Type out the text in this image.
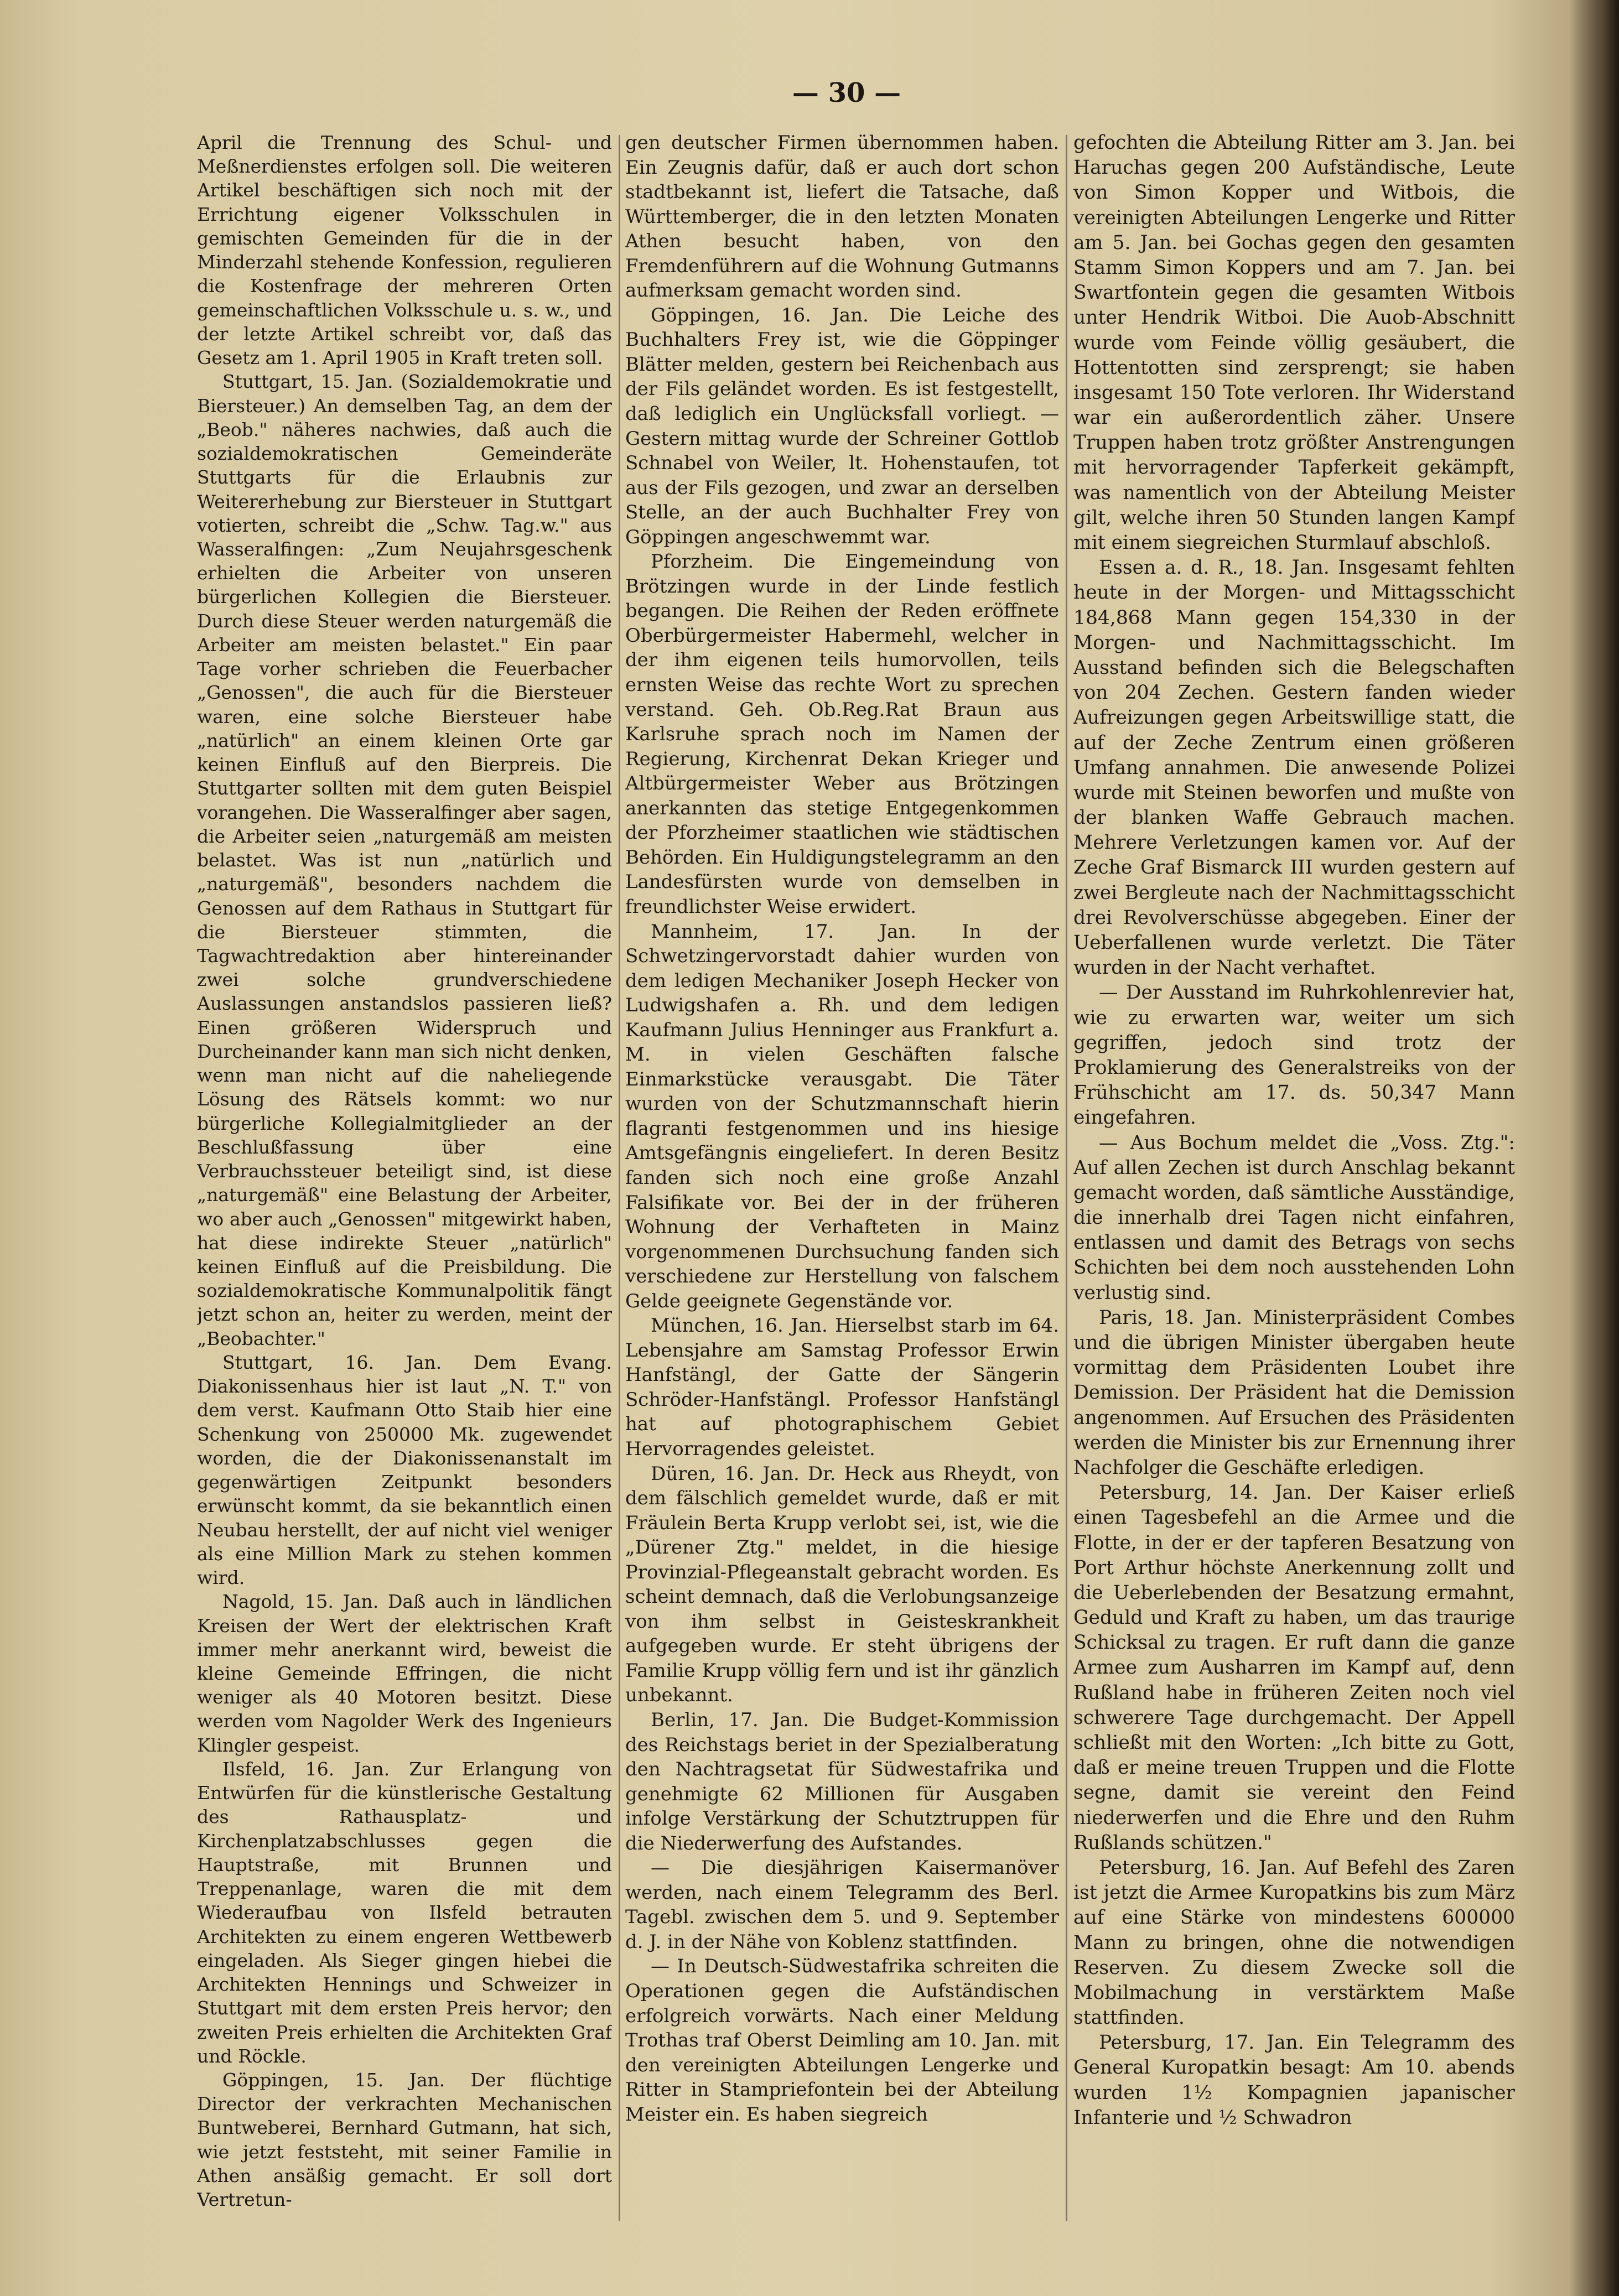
— 30 —

April die Trennung des Schul- und Meßnerdienstes erfolgen soll. Die weiteren Artikel beschäftigen sich noch mit der Errichtung eigener Volksschulen in gemischten Gemeinden für die in der Minderzahl stehende Konfession, regulieren die Kostenfrage der mehreren Orten gemeinschaftlichen Volksschule u. s. w., und der letzte Artikel schreibt vor, daß das Gesetz am 1. April 1905 in Kraft treten soll.

Stuttgart, 15. Jan. (Sozialdemokratie und Biersteuer.) An demselben Tag, an dem der „Beob." näheres nachwies, daß auch die sozialdemokratischen Gemeinderäte Stuttgarts für die Erlaubnis zur Weitererhebung zur Biersteuer in Stuttgart votierten, schreibt die „Schw. Tag.w." aus Wasseralfingen: „Zum Neujahrsgeschenk erhielten die Arbeiter von unseren bürgerlichen Kollegien die Biersteuer. Durch diese Steuer werden naturgemäß die Arbeiter am meisten belastet." Ein paar Tage vorher schrieben die Feuerbacher „Genossen", die auch für die Biersteuer waren, eine solche Biersteuer habe „natürlich" an einem kleinen Orte gar keinen Einfluß auf den Bierpreis. Die Stuttgarter sollten mit dem guten Beispiel vorangehen. Die Wasseralfinger aber sagen, die Arbeiter seien „naturgemäß am meisten belastet. Was ist nun „natürlich und „naturgemäß", besonders nachdem die Genossen auf dem Rathaus in Stuttgart für die Biersteuer stimmten, die Tagwachtredaktion aber hintereinander zwei solche grundverschiedene Auslassungen anstandslos passieren ließ? Einen größeren Widerspruch und Durcheinander kann man sich nicht denken, wenn man nicht auf die naheliegende Lösung des Rätsels kommt: wo nur bürgerliche Kollegialmitglieder an der Beschlußfassung über eine Verbrauchssteuer beteiligt sind, ist diese „naturgemäß" eine Belastung der Arbeiter, wo aber auch „Genossen" mitgewirkt haben, hat diese indirekte Steuer „natürlich" keinen Einfluß auf die Preisbildung. Die sozialdemokratische Kommunalpolitik fängt jetzt schon an, heiter zu werden, meint der „Beobachter."

Stuttgart, 16. Jan. Dem Evang. Diakonissenhaus hier ist laut „N. T." von dem verst. Kaufmann Otto Staib hier eine Schenkung von 250000 Mk. zugewendet worden, die der Diakonissenanstalt im gegenwärtigen Zeitpunkt besonders erwünscht kommt, da sie bekanntlich einen Neubau herstellt, der auf nicht viel weniger als eine Million Mark zu stehen kommen wird.

Nagold, 15. Jan. Daß auch in ländlichen Kreisen der Wert der elektrischen Kraft immer mehr anerkannt wird, beweist die kleine Gemeinde Effringen, die nicht weniger als 40 Motoren besitzt. Diese werden vom Nagolder Werk des Ingenieurs Klingler gespeist.

Ilsfeld, 16. Jan. Zur Erlangung von Entwürfen für die künstlerische Gestaltung des Rathausplatz- und Kirchenplatzabschlusses gegen die Hauptstraße, mit Brunnen und Treppenanlage, waren die mit dem Wiederaufbau von Ilsfeld betrauten Architekten zu einem engeren Wettbewerb eingeladen. Als Sieger gingen hiebei die Architekten Hennings und Schweizer in Stuttgart mit dem ersten Preis hervor; den zweiten Preis erhielten die Architekten Graf und Röckle.

Göppingen, 15. Jan. Der flüchtige Director der verkrachten Mechanischen Buntweberei, Bernhard Gutmann, hat sich, wie jetzt feststeht, mit seiner Familie in Athen ansäßig gemacht. Er soll dort Vertretun-

gen deutscher Firmen übernommen haben. Ein Zeugnis dafür, daß er auch dort schon stadtbekannt ist, liefert die Tatsache, daß Württemberger, die in den letzten Monaten Athen besucht haben, von den Fremdenführern auf die Wohnung Gutmanns aufmerksam gemacht worden sind.

Göppingen, 16. Jan. Die Leiche des Buchhalters Frey ist, wie die Göppinger Blätter melden, gestern bei Reichenbach aus der Fils geländet worden. Es ist festgestellt, daß lediglich ein Unglücksfall vorliegt. — Gestern mittag wurde der Schreiner Gottlob Schnabel von Weiler, lt. Hohenstaufen, tot aus der Fils gezogen, und zwar an derselben Stelle, an der auch Buchhalter Frey von Göppingen angeschwemmt war.

Pforzheim. Die Eingemeindung von Brötzingen wurde in der Linde festlich begangen. Die Reihen der Reden eröffnete Oberbürgermeister Habermehl, welcher in der ihm eigenen teils humorvollen, teils ernsten Weise das rechte Wort zu sprechen verstand. Geh. Ob.Reg.Rat Braun aus Karlsruhe sprach noch im Namen der Regierung, Kirchenrat Dekan Krieger und Altbürgermeister Weber aus Brötzingen anerkannten das stetige Entgegenkommen der Pforzheimer staatlichen wie städtischen Behörden. Ein Huldigungstelegramm an den Landesfürsten wurde von demselben in freundlichster Weise erwidert.

Mannheim, 17. Jan. In der Schwetzingervorstadt dahier wurden von dem ledigen Mechaniker Joseph Hecker von Ludwigshafen a. Rh. und dem ledigen Kaufmann Julius Henninger aus Frankfurt a. M. in vielen Geschäften falsche Einmarkstücke verausgabt. Die Täter wurden von der Schutzmannschaft hierin flagranti festgenommen und ins hiesige Amtsgefängnis eingeliefert. In deren Besitz fanden sich noch eine große Anzahl Falsifikate vor. Bei der in der früheren Wohnung der Verhafteten in Mainz vorgenommenen Durchsuchung fanden sich verschiedene zur Herstellung von falschem Gelde geeignete Gegenstände vor.

München, 16. Jan. Hierselbst starb im 64. Lebensjahre am Samstag Professor Erwin Hanfstängl, der Gatte der Sängerin Schröder-Hanfstängl. Professor Hanfstängl hat auf photographischem Gebiet Hervorragendes geleistet.

Düren, 16. Jan. Dr. Heck aus Rheydt, von dem fälschlich gemeldet wurde, daß er mit Fräulein Berta Krupp verlobt sei, ist, wie die „Dürener Ztg." meldet, in die hiesige Provinzial-Pflegeanstalt gebracht worden. Es scheint demnach, daß die Verlobungsanzeige von ihm selbst in Geisteskrankheit aufgegeben wurde. Er steht übrigens der Familie Krupp völlig fern und ist ihr gänzlich unbekannt.

Berlin, 17. Jan. Die Budget-Kommission des Reichstags beriet in der Spezialberatung den Nachtragsetat für Südwestafrika und genehmigte 62 Millionen für Ausgaben infolge Verstärkung der Schutztruppen für die Niederwerfung des Aufstandes.

— Die diesjährigen Kaisermanöver werden, nach einem Telegramm des Berl. Tagebl. zwischen dem 5. und 9. September d. J. in der Nähe von Koblenz stattfinden.

— In Deutsch-Südwestafrika schreiten die Operationen gegen die Aufständischen erfolgreich vorwärts. Nach einer Meldung Trothas traf Oberst Deimling am 10. Jan. mit den vereinigten Abteilungen Lengerke und Ritter in Stampriefontein bei der Abteilung Meister ein. Es haben siegreich

gefochten die Abteilung Ritter am 3. Jan. bei Haruchas gegen 200 Aufständische, Leute von Simon Kopper und Witbois, die vereinigten Abteilungen Lengerke und Ritter am 5. Jan. bei Gochas gegen den gesamten Stamm Simon Koppers und am 7. Jan. bei Swartfontein gegen die gesamten Witbois unter Hendrik Witboi. Die Auob-Abschnitt wurde vom Feinde völlig gesäubert, die Hottentotten sind zersprengt; sie haben insgesamt 150 Tote verloren. Ihr Widerstand war ein außerordentlich zäher. Unsere Truppen haben trotz größter Anstrengungen mit hervorragender Tapferkeit gekämpft, was namentlich von der Abteilung Meister gilt, welche ihren 50 Stunden langen Kampf mit einem siegreichen Sturmlauf abschloß.

Essen a. d. R., 18. Jan. Insgesamt fehlten heute in der Morgen- und Mittagsschicht 184,868 Mann gegen 154,330 in der Morgen- und Nachmittagsschicht. Im Ausstand befinden sich die Belegschaften von 204 Zechen. Gestern fanden wieder Aufreizungen gegen Arbeitswillige statt, die auf der Zeche Zentrum einen größeren Umfang annahmen. Die anwesende Polizei wurde mit Steinen beworfen und mußte von der blanken Waffe Gebrauch machen. Mehrere Verletzungen kamen vor. Auf der Zeche Graf Bismarck III wurden gestern auf zwei Bergleute nach der Nachmittagsschicht drei Revolverschüsse abgegeben. Einer der Ueberfallenen wurde verletzt. Die Täter wurden in der Nacht verhaftet.

— Der Ausstand im Ruhrkohlenrevier hat, wie zu erwarten war, weiter um sich gegriffen, jedoch sind trotz der Proklamierung des Generalstreiks von der Frühschicht am 17. ds. 50,347 Mann eingefahren.

— Aus Bochum meldet die „Voss. Ztg.": Auf allen Zechen ist durch Anschlag bekannt gemacht worden, daß sämtliche Ausständige, die innerhalb drei Tagen nicht einfahren, entlassen und damit des Betrags von sechs Schichten bei dem noch ausstehenden Lohn verlustig sind.

Paris, 18. Jan. Ministerpräsident Combes und die übrigen Minister übergaben heute vormittag dem Präsidenten Loubet ihre Demission. Der Präsident hat die Demission angenommen. Auf Ersuchen des Präsidenten werden die Minister bis zur Ernennung ihrer Nachfolger die Geschäfte erledigen.

Petersburg, 14. Jan. Der Kaiser erließ einen Tagesbefehl an die Armee und die Flotte, in der er der tapferen Besatzung von Port Arthur höchste Anerkennung zollt und die Ueberlebenden der Besatzung ermahnt, Geduld und Kraft zu haben, um das traurige Schicksal zu tragen. Er ruft dann die ganze Armee zum Ausharren im Kampf auf, denn Rußland habe in früheren Zeiten noch viel schwerere Tage durchgemacht. Der Appell schließt mit den Worten: „Ich bitte zu Gott, daß er meine treuen Truppen und die Flotte segne, damit sie vereint den Feind niederwerfen und die Ehre und den Ruhm Rußlands schützen."

Petersburg, 16. Jan. Auf Befehl des Zaren ist jetzt die Armee Kuropatkins bis zum März auf eine Stärke von mindestens 600000 Mann zu bringen, ohne die notwendigen Reserven. Zu diesem Zwecke soll die Mobilmachung in verstärktem Maße stattfinden.

Petersburg, 17. Jan. Ein Telegramm des General Kuropatkin besagt: Am 10. abends wurden 1½ Kompagnien japanischer Infanterie und ½ Schwadron
